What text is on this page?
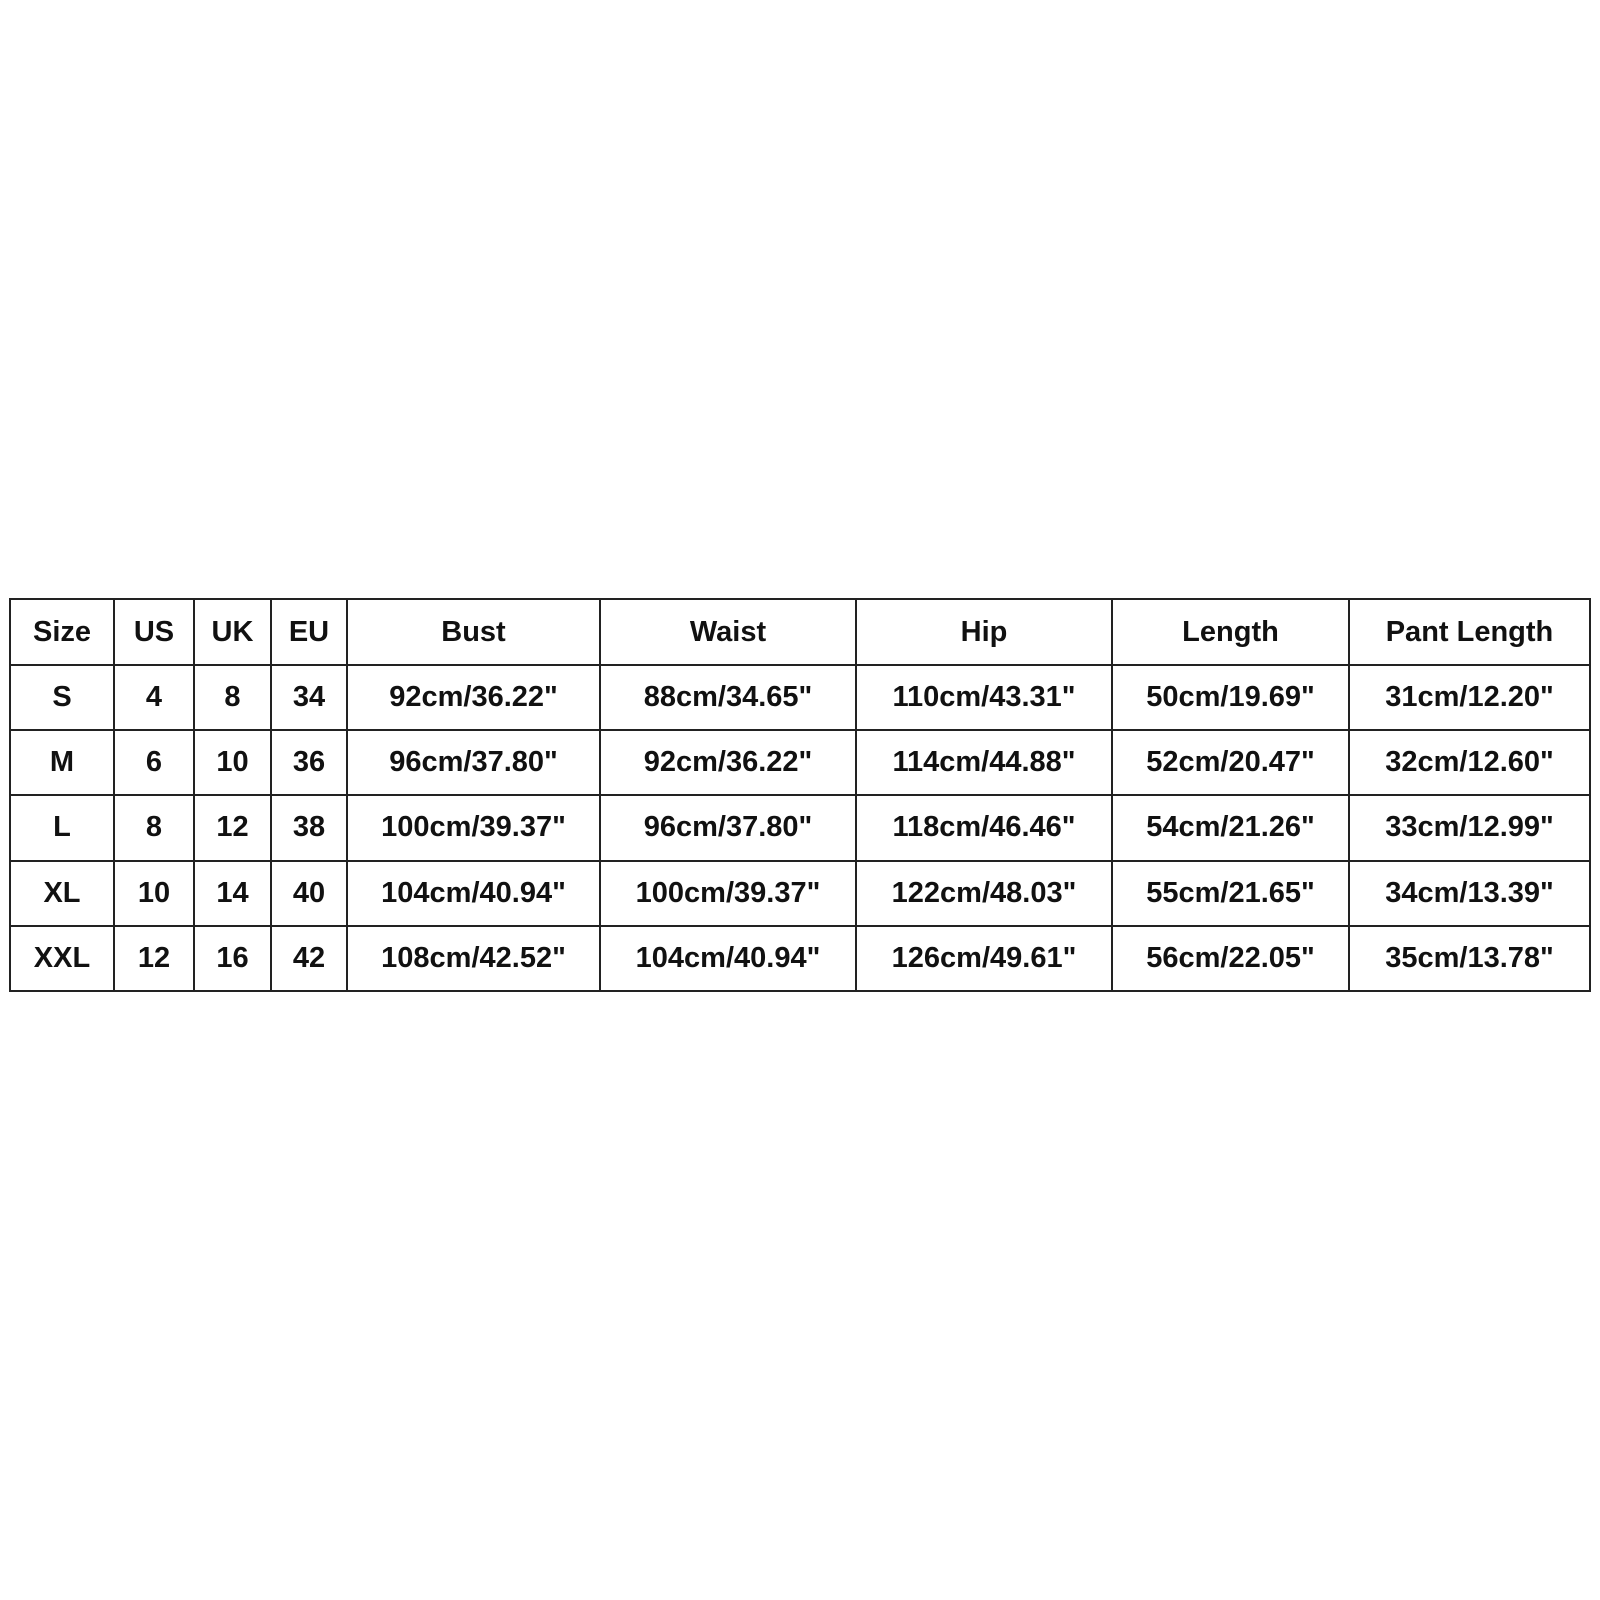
Size	US	UK	EU	Bust	Waist	Hip	Length	Pant Length
S	4	8	34	92cm/36.22"	88cm/34.65"	110cm/43.31"	50cm/19.69"	31cm/12.20"
M	6	10	36	96cm/37.80"	92cm/36.22"	114cm/44.88"	52cm/20.47"	32cm/12.60"
L	8	12	38	100cm/39.37"	96cm/37.80"	118cm/46.46"	54cm/21.26"	33cm/12.99"
XL	10	14	40	104cm/40.94"	100cm/39.37"	122cm/48.03"	55cm/21.65"	34cm/13.39"
XXL	12	16	42	108cm/42.52"	104cm/40.94"	126cm/49.61"	56cm/22.05"	35cm/13.78"
